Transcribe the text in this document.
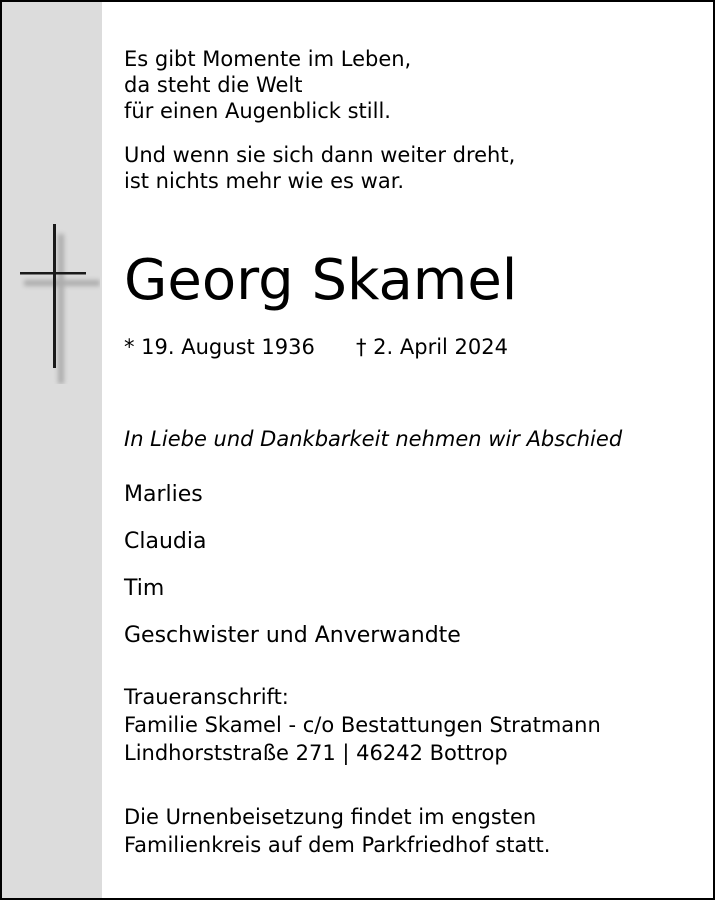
Es gibt Momente im Leben,
da steht die Welt
für einen Augenblick still.
Und wenn sie sich dann weiter dreht,
ist nichts mehr wie es war.
Georg Skamel
* 19. August 1936 † 2. April 2024
In Liebe und Dankbarkeit nehmen wir Abschied
Marlies
Claudia
Tim
Geschwister und Anverwandte
Traueranschrift:
Familie Skamel - c/o Bestattungen Stratmann
Lindhorststraße 271 | 46242 Bottrop
Die Urnenbeisetzung findet im engsten
Familienkreis auf dem Parkfriedhof statt.
